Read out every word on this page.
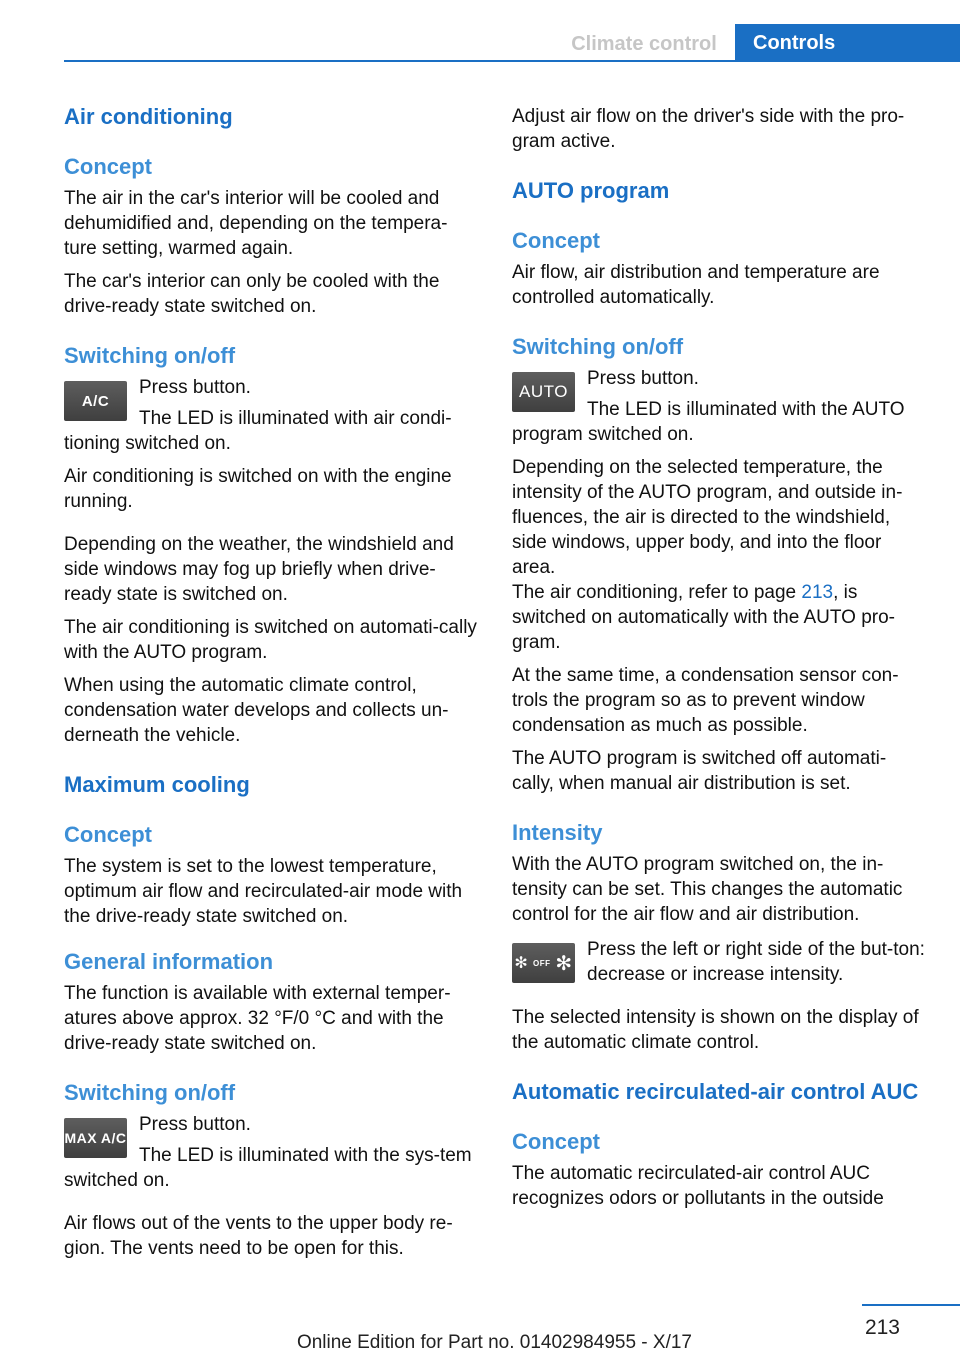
Climate control	Controls
Air conditioning
Concept

The air in the car's interior will be cooled and dehumidified and, depending on the tempera-ture setting, warmed again.

The car's interior can only be cooled with the drive-ready state switched on.

Switching on/off
A/C

Press button.

The LED is illuminated with air condi-tioning switched on.

Air conditioning is switched on with the engine running.

Depending on the weather, the windshield and side windows may fog up briefly when drive-ready state is switched on.

The air conditioning is switched on automati-cally with the AUTO program.

When using the automatic climate control, condensation water develops and collects un-derneath the vehicle.

Maximum cooling
Concept

The system is set to the lowest temperature, optimum air flow and recirculated-air mode with the drive-ready state switched on.

General information

The function is available with external temper-atures above approx. 32 °F/0 °C and with the drive-ready state switched on.

Switching on/off
MAX A/C

Press button.

The LED is illuminated with the sys-tem switched on.

Air flows out of the vents to the upper body re-gion. The vents need to be open for this.

Adjust air flow on the driver's side with the pro-gram active.

AUTO program
Concept

Air flow, air distribution and temperature are controlled automatically.

Switching on/off
AUTO

Press button.

The LED is illuminated with the AUTO program switched on.

Depending on the selected temperature, the intensity of the AUTO program, and outside in-fluences, the air is directed to the windshield, side windows, upper body, and into the floor area.

The air conditioning, refer to page

213

, is switched on automatically with the AUTO pro-gram.

At the same time, a condensation sensor con-trols the program so as to prevent window condensation as much as possible.

The AUTO program is switched off automati-cally, when manual air distribution is set.

Intensity

With the AUTO program switched on, the in-tensity can be set. This changes the automatic control for the air flow and air distribution.

✻ OFF ✻

Press the left or right side of the but-ton: decrease or increase intensity.

The selected intensity is shown on the display of the automatic climate control.

Automatic recirculated-air control AUC
Concept

The automatic recirculated-air control AUC recognizes odors or pollutants in the outside

213
Online Edition for Part no. 01402984955 - X/17
